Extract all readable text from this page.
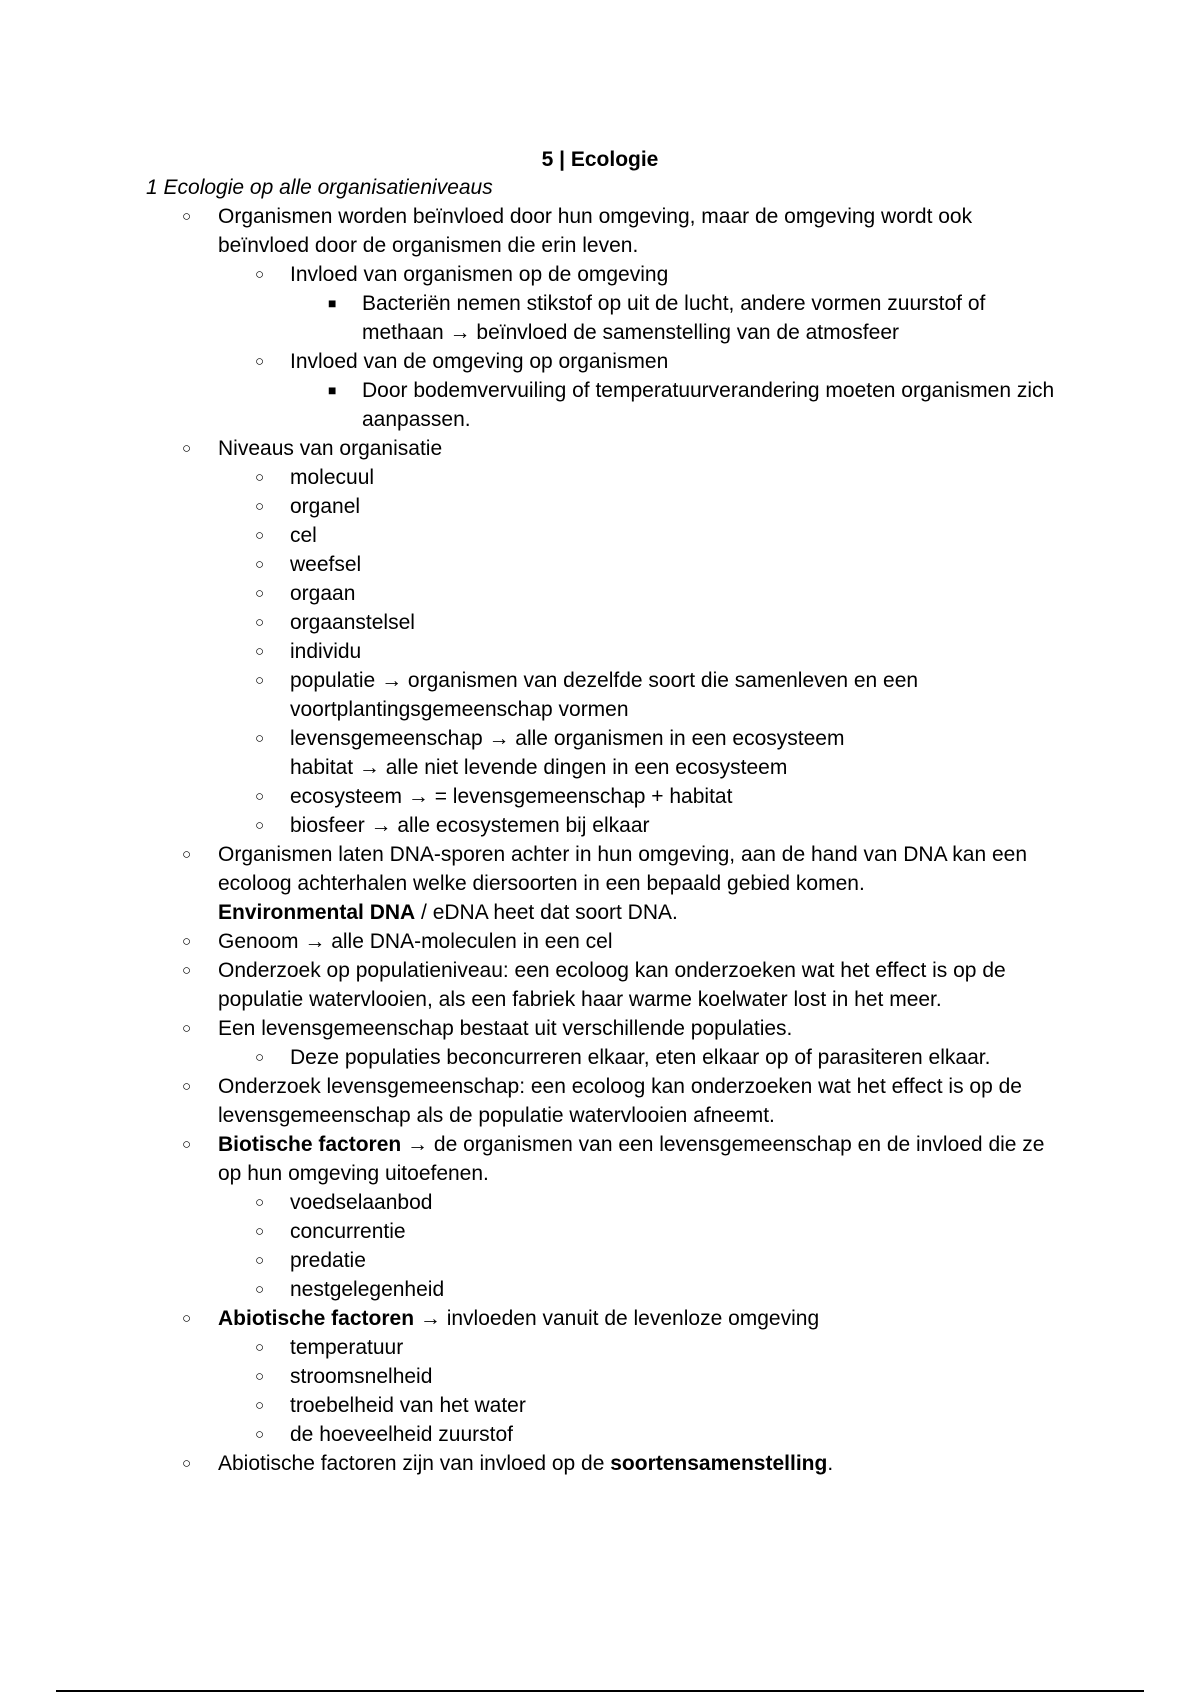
5 | Ecologie
1 Ecologie op alle organisatieniveaus
○ Organismen worden beïnvloed door hun omgeving, maar de omgeving wordt ook beïnvloed door de organismen die erin leven.
○ Invloed van organismen op de omgeving
■ Bacteriën nemen stikstof op uit de lucht, andere vormen zuurstof of methaan → beïnvloed de samenstelling van de atmosfeer
○ Invloed van de omgeving op organismen
■ Door bodemvervuiling of temperatuurverandering moeten organismen zich aanpassen.
○ Niveaus van organisatie
○ molecuul
○ organel
○ cel
○ weefsel
○ orgaan
○ orgaanstelsel
○ individu
○ populatie → organismen van dezelfde soort die samenleven en een voortplantingsgemeenschap vormen
○ levensgemeenschap → alle organismen in een ecosysteem
habitat → alle niet levende dingen in een ecosysteem
○ ecosysteem → = levensgemeenschap + habitat
○ biosfeer → alle ecosystemen bij elkaar
○ Organismen laten DNA-sporen achter in hun omgeving, aan de hand van DNA kan een ecoloog achterhalen welke diersoorten in een bepaald gebied komen.
Environmental DNA / eDNA heet dat soort DNA.
○ Genoom → alle DNA-moleculen in een cel
○ Onderzoek op populatieniveau: een ecoloog kan onderzoeken wat het effect is op de populatie watervlooien, als een fabriek haar warme koelwater lost in het meer.
○ Een levensgemeenschap bestaat uit verschillende populaties.
○ Deze populaties beconcurreren elkaar, eten elkaar op of parasiteren elkaar.
○ Onderzoek levensgemeenschap: een ecoloog kan onderzoeken wat het effect is op de levensgemeenschap als de populatie watervlooien afneemt.
○ Biotische factoren → de organismen van een levensgemeenschap en de invloed die ze op hun omgeving uitoefenen.
○ voedselaanbod
○ concurrentie
○ predatie
○ nestgelegenheid
○ Abiotische factoren → invloeden vanuit de levenloze omgeving
○ temperatuur
○ stroomsnelheid
○ troebelheid van het water
○ de hoeveelheid zuurstof
○ Abiotische factoren zijn van invloed op de soortensamenstelling.
